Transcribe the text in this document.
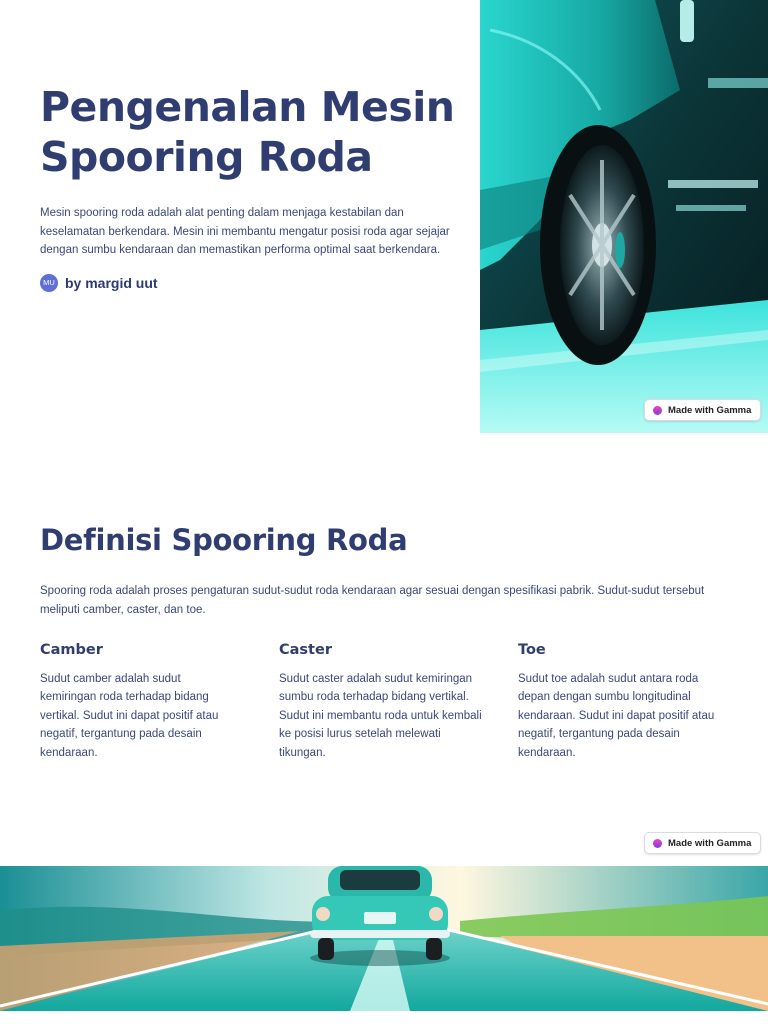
Pengenalan Mesin Spooring Roda

Mesin spooring roda adalah alat penting dalam menjaga kestabilan dan keselamatan berkendara. Mesin ini membantu mengatur posisi roda agar sejajar dengan sumbu kendaraan dan memastikan performa optimal saat berkendara.

MU by margid uut
Made with Gamma
Definisi Spooring Roda

Spooring roda adalah proses pengaturan sudut-sudut roda kendaraan agar sesuai dengan spesifikasi pabrik. Sudut-sudut tersebut meliputi camber, caster, dan toe.

Camber

Sudut camber adalah sudut kemiringan roda terhadap bidang vertikal. Sudut ini dapat positif atau negatif, tergantung pada desain kendaraan.

Caster

Sudut caster adalah sudut kemiringan sumbu roda terhadap bidang vertikal. Sudut ini membantu roda untuk kembali ke posisi lurus setelah melewati tikungan.

Toe

Sudut toe adalah sudut antara roda depan dengan sumbu longitudinal kendaraan. Sudut ini dapat positif atau negatif, tergantung pada desain kendaraan.

Made with Gamma
